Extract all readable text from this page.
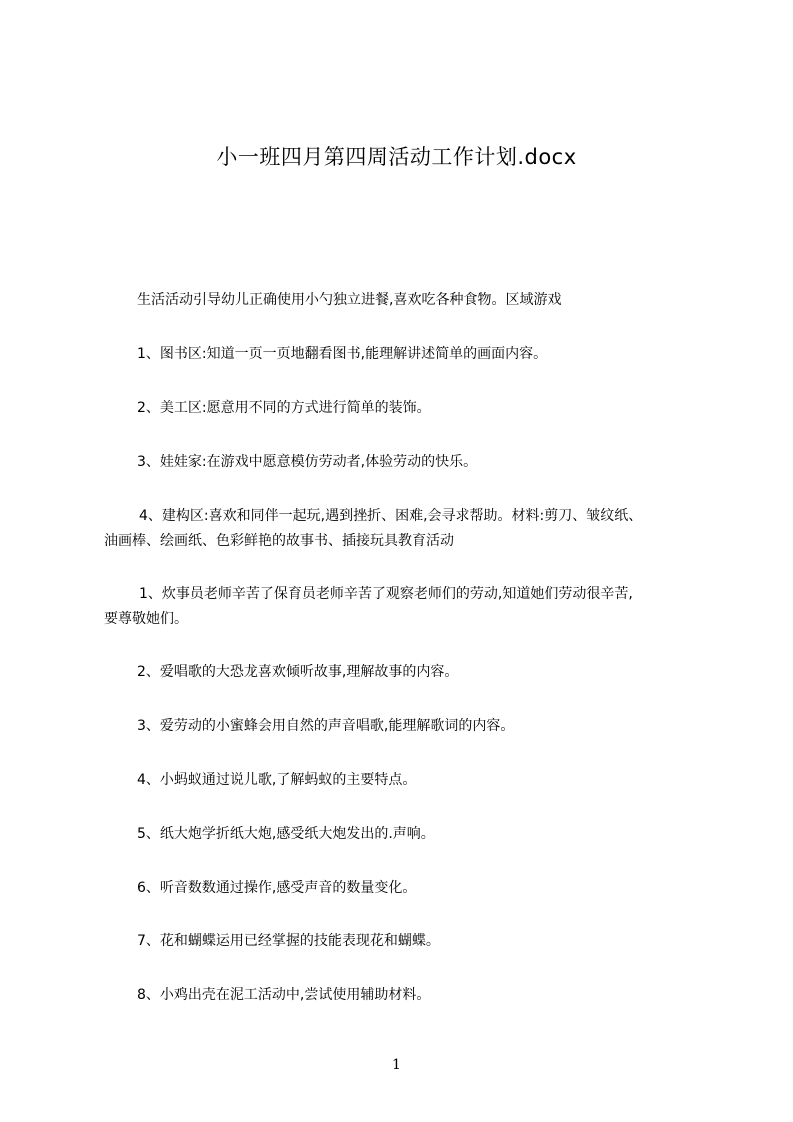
小一班四月第四周活动工作计划.docx
生活活动引导幼儿正确使用小勺独立进餐,喜欢吃各种食物。区域游戏
1、图书区:知道一页一页地翻看图书,能理解讲述简单的画面内容。
2、美工区:愿意用不同的方式进行简单的装饰。
3、娃娃家:在游戏中愿意模仿劳动者,体验劳动的快乐。
4、建构区:喜欢和同伴一起玩,遇到挫折、困难,会寻求帮助。材料:剪刀、皱纹纸、
油画棒、绘画纸、色彩鲜艳的故事书、插接玩具教育活动
1、炊事员老师辛苦了保育员老师辛苦了观察老师们的劳动,知道她们劳动很辛苦,
要尊敬她们。
2、爱唱歌的大恐龙喜欢倾听故事,理解故事的内容。
3、爱劳动的小蜜蜂会用自然的声音唱歌,能理解歌词的内容。
4、小蚂蚁通过说儿歌,了解蚂蚁的主要特点。
5、纸大炮学折纸大炮,感受纸大炮发出的.声响。
6、听音数数通过操作,感受声音的数量变化。
7、花和蝴蝶运用已经掌握的技能表现花和蝴蝶。
8、小鸡出壳在泥工活动中,尝试使用辅助材料。
1
